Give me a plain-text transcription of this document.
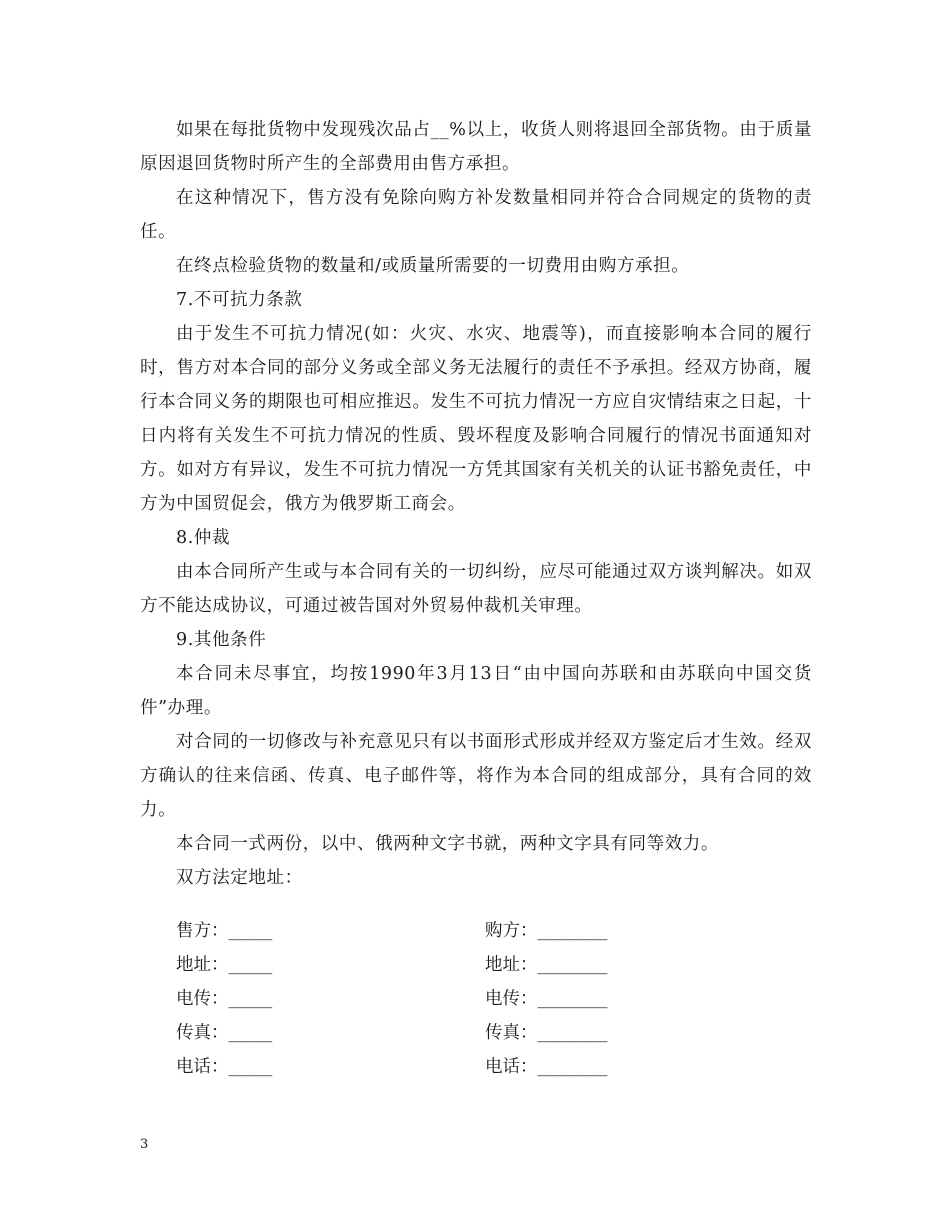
如果在每批货物中发现残次品占__%以上，收货人则将退回全部货物。由于质量原因退回货物时所产生的全部费用由售方承担。

在这种情况下，售方没有免除向购方补发数量相同并符合合同规定的货物的责任。

在终点检验货物的数量和/或质量所需要的一切费用由购方承担。

7.不可抗力条款

由于发生不可抗力情况(如：火灾、水灾、地震等)，而直接影响本合同的履行时，售方对本合同的部分义务或全部义务无法履行的责任不予承担。经双方协商，履行本合同义务的期限也可相应推迟。发生不可抗力情况一方应自灾情结束之日起，十日内将有关发生不可抗力情况的性质、毁坏程度及影响合同履行的情况书面通知对方。如对方有异议，发生不可抗力情况一方凭其国家有关机关的认证书豁免责任，中方为中国贸促会，俄方为俄罗斯工商会。

8.仲裁

由本合同所产生或与本合同有关的一切纠纷，应尽可能通过双方谈判解决。如双方不能达成协议，可通过被告国对外贸易仲裁机关审理。

9.其他条件

本合同未尽事宜，均按1990年3月13日“由中国向苏联和由苏联向中国交货件”办理。

对合同的一切修改与补充意见只有以书面形式形成并经双方鉴定后才生效。经双方确认的往来信函、传真、电子邮件等，将作为本合同的组成部分，具有合同的效力。

本合同一式两份，以中、俄两种文字书就，两种文字具有同等效力。

双方法定地址：

售方：_____	购方：________
地址：_____	地址：________
电传：_____	电传：________
传真：_____	传真：________
电话：_____	电话：________
3
